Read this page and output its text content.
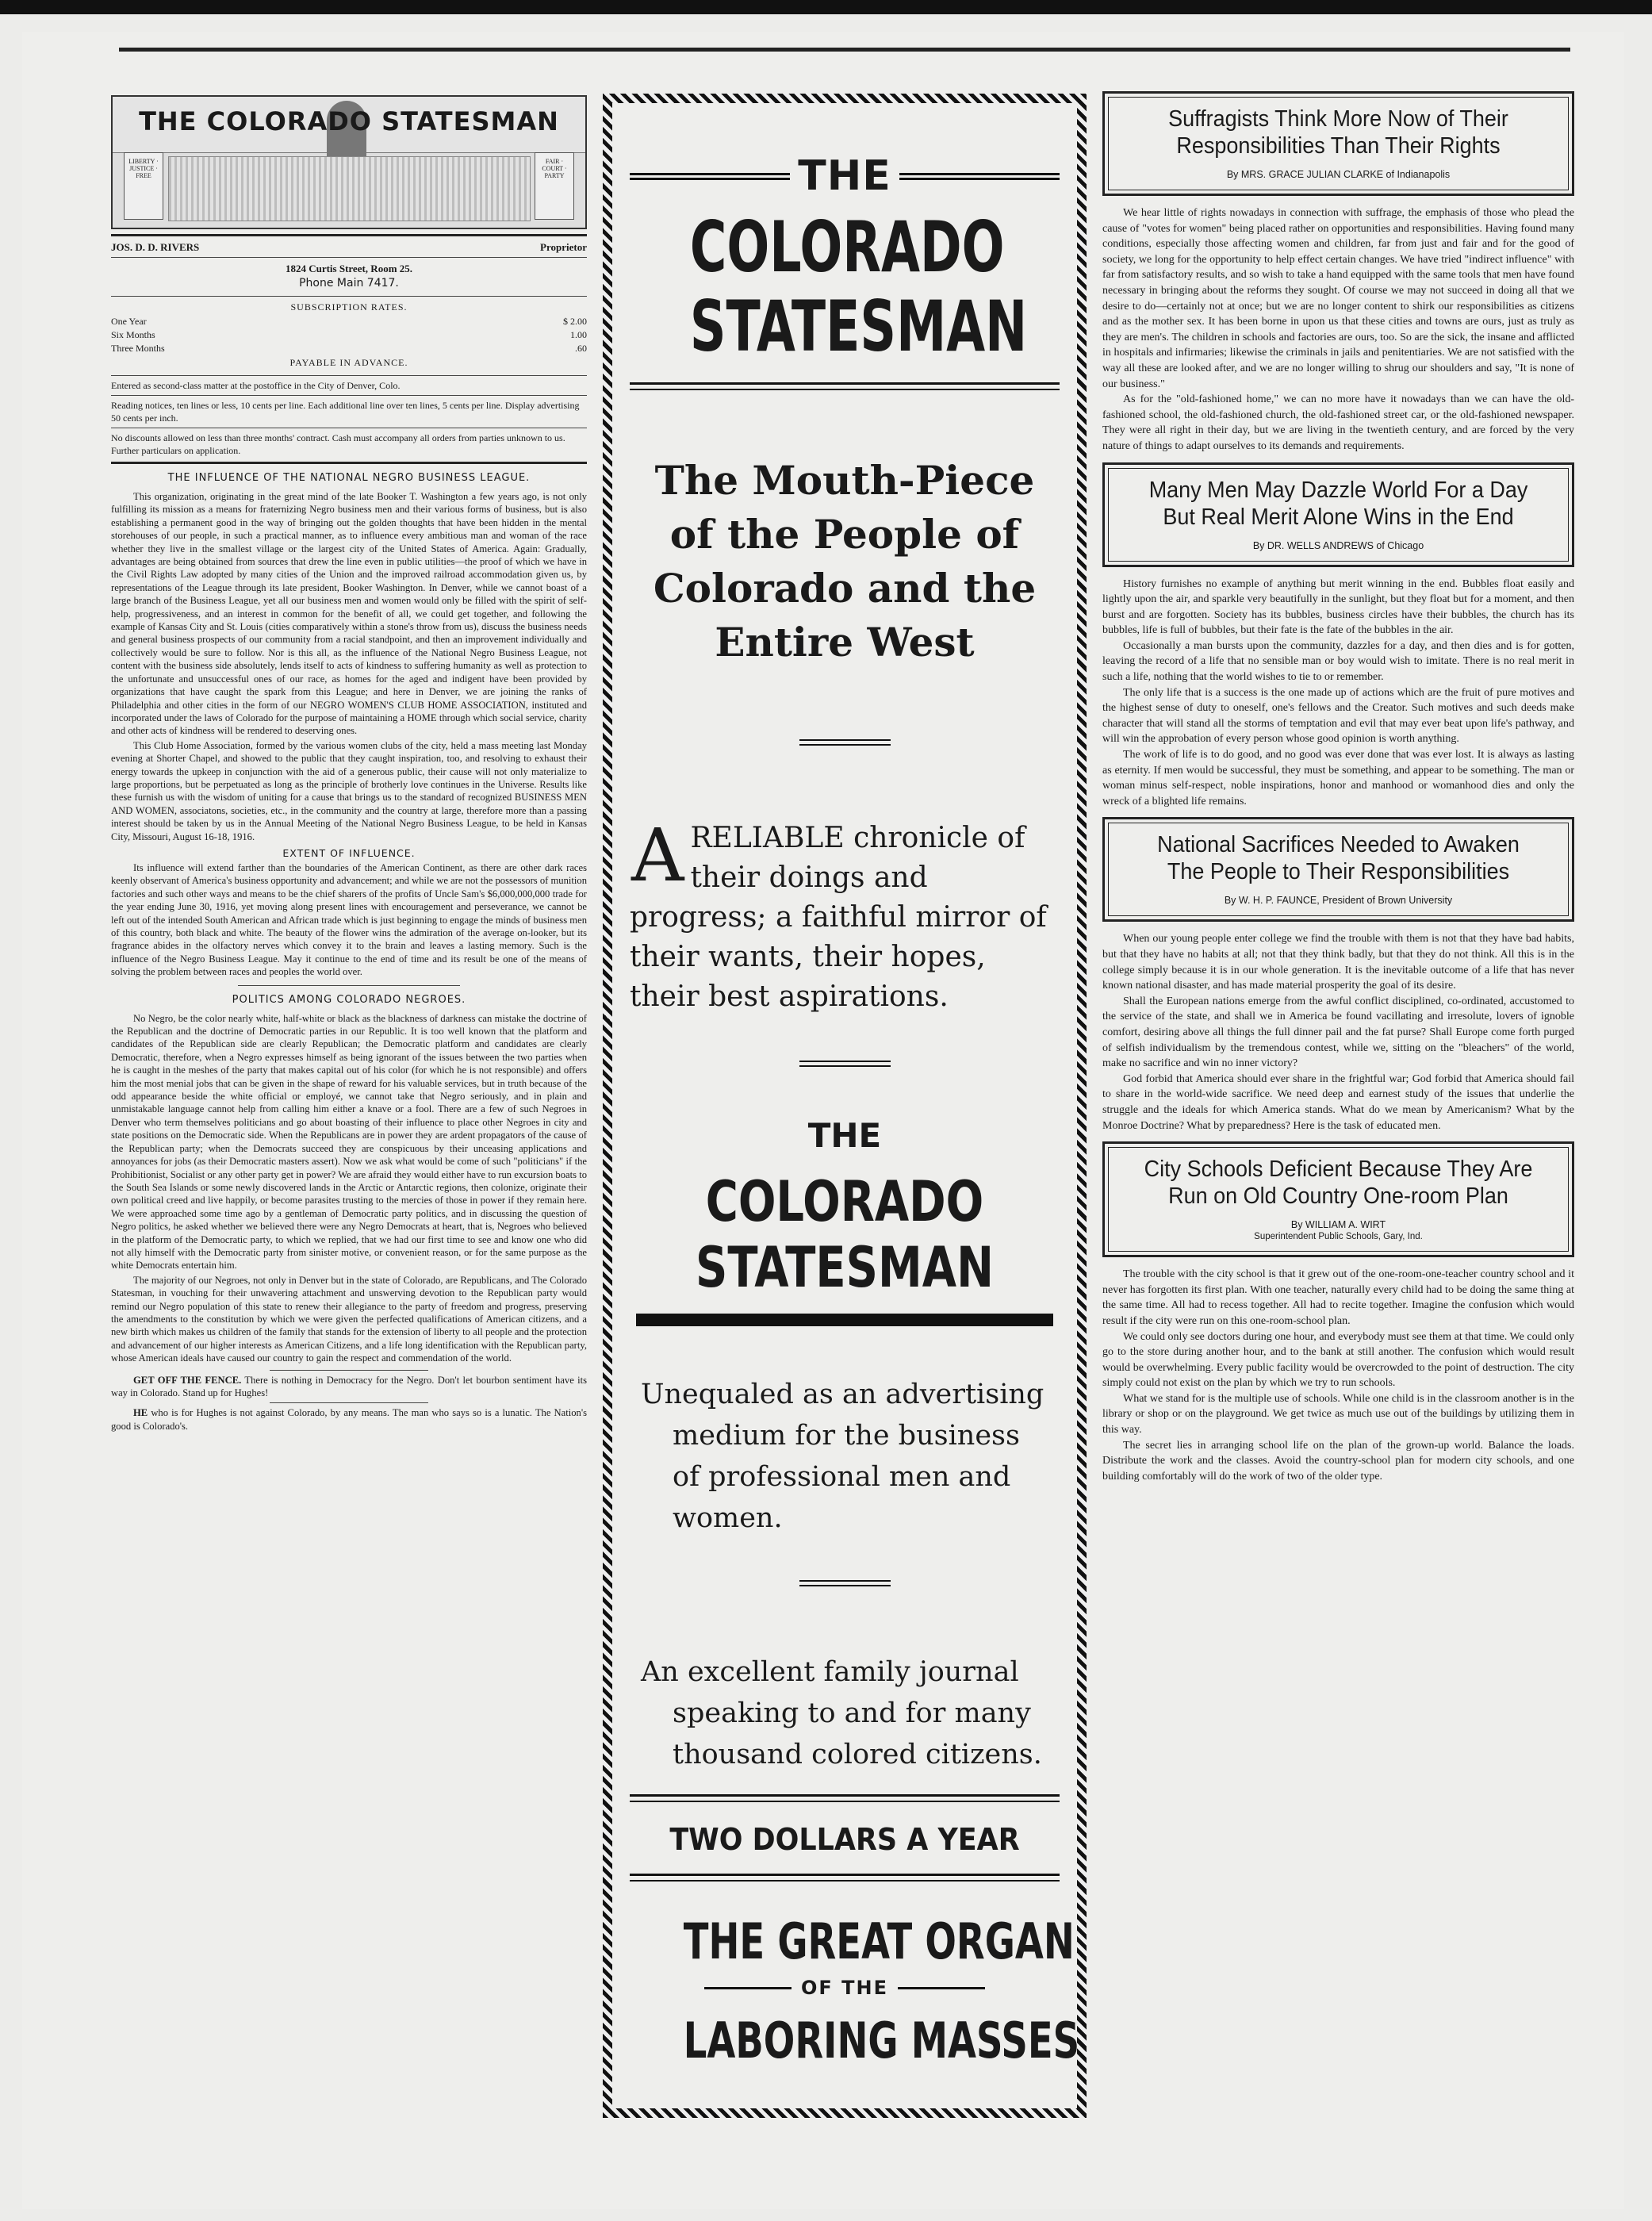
THE COLORADO STATESMAN
LIBERTY · JUSTICE · FREE
FAIR · COURT · PARTY
JOS. D. D. RIVERS	Proprietor
1824 Curtis Street, Room 25.
Phone Main 7417.
SUBSCRIPTION RATES.
One Year	$ 2.00
Six Months	1.00
Three Months	.60
PAYABLE IN ADVANCE.
Entered as second-class matter at the postoffice in the City of Denver, Colo.
Reading notices, ten lines or less, 10 cents per line. Each additional line over ten lines, 5 cents per line. Display advertising 50 cents per inch.
No discounts allowed on less than three months' contract. Cash must accompany all orders from parties unknown to us. Further particulars on application.
THE INFLUENCE OF THE NATIONAL NEGRO BUSINESS LEAGUE.

This organization, originating in the great mind of the late Booker T. Washington a few years ago, is not only fulfilling its mission as a means for fraternizing Negro business men and their various forms of business, but is also establishing a permanent good in the way of bringing out the golden thoughts that have been hidden in the mental storehouses of our people, in such a practical manner, as to influence every ambitious man and woman of the race whether they live in the smallest village or the largest city of the United States of America. Again: Gradually, advantages are being obtained from sources that drew the line even in public utilities—the proof of which we have in the Civil Rights Law adopted by many cities of the Union and the improved railroad accommodation given us, by representations of the League through its late president, Booker Washington. In Denver, while we cannot boast of a large branch of the Business League, yet all our business men and women would only be filled with the spirit of self-help, progressiveness, and an interest in common for the benefit of all, we could get together, and following the example of Kansas City and St. Louis (cities comparatively within a stone's throw from us), discuss the business needs and general business prospects of our community from a racial standpoint, and then an improvement individually and collectively would be sure to follow. Nor is this all, as the influence of the National Negro Business League, not content with the business side absolutely, lends itself to acts of kindness to suffering humanity as well as protection to the unfortunate and unsuccessful ones of our race, as homes for the aged and indigent have been provided by organizations that have caught the spark from this League; and here in Denver, we are joining the ranks of Philadelphia and other cities in the form of our NEGRO WOMEN'S CLUB HOME ASSOCIATION, instituted and incorporated under the laws of Colorado for the purpose of maintaining a HOME through which social service, charity and other acts of kindness will be rendered to deserving ones.

This Club Home Association, formed by the various women clubs of the city, held a mass meeting last Monday evening at Shorter Chapel, and showed to the public that they caught inspiration, too, and resolving to exhaust their energy towards the upkeep in conjunction with the aid of a generous public, their cause will not only materialize to large proportions, but be perpetuated as long as the principle of brotherly love continues in the Universe. Results like these furnish us with the wisdom of uniting for a cause that brings us to the standard of recognized BUSINESS MEN AND WOMEN, associatons, societies, etc., in the community and the country at large, therefore more than a passing interest should be taken by us in the Annual Meeting of the National Negro Business League, to be held in Kansas City, Missouri, August 16-18, 1916.

EXTENT OF INFLUENCE.

Its influence will extend farther than the boundaries of the American Continent, as there are other dark races keenly observant of America's business opportunity and advancement; and while we are not the possessors of munition factories and such other ways and means to be the chief sharers of the profits of Uncle Sam's $6,000,000,000 trade for the year ending June 30, 1916, yet moving along present lines with encouragement and perseverance, we cannot be left out of the intended South American and African trade which is just beginning to engage the minds of business men of this country, both black and white. The beauty of the flower wins the admiration of the average on-looker, but its fragrance abides in the olfactory nerves which convey it to the brain and leaves a lasting memory. Such is the influence of the Negro Business League. May it continue to the end of time and its result be one of the means of solving the problem between races and peoples the world over.

POLITICS AMONG COLORADO NEGROES.

No Negro, be the color nearly white, half-white or black as the blackness of darkness can mistake the doctrine of the Republican and the doctrine of Democratic parties in our Republic. It is too well known that the platform and candidates of the Republican side are clearly Republican; the Democratic platform and candidates are clearly Democratic, therefore, when a Negro expresses himself as being ignorant of the issues between the two parties when he is caught in the meshes of the party that makes capital out of his color (for which he is not responsible) and offers him the most menial jobs that can be given in the shape of reward for his valuable services, but in truth because of the odd appearance beside the white official or employé, we cannot take that Negro seriously, and in plain and unmistakable language cannot help from calling him either a knave or a fool. There are a few of such Negroes in Denver who term themselves politicians and go about boasting of their influence to place other Negroes in city and state positions on the Democratic side. When the Republicans are in power they are ardent propagators of the cause of the Republican party; when the Democrats succeed they are conspicuous by their unceasing applications and annoyances for jobs (as their Democratic masters assert). Now we ask what would be come of such "politicians" if the Prohibitionist, Socialist or any other party get in power? We are afraid they would either have to run excursion boats to the South Sea Islands or some newly discovered lands in the Arctic or Antarctic regions, then colonize, originate their own political creed and live happily, or become parasites trusting to the mercies of those in power if they remain here. We were approached some time ago by a gentleman of Democratic party politics, and in discussing the question of Negro politics, he asked whether we believed there were any Negro Democrats at heart, that is, Negroes who believed in the platform of the Democratic party, to which we replied, that we had our first time to see and know one who did not ally himself with the Democratic party from sinister motive, or convenient reason, or for the same purpose as the white Democrats entertain him.

The majority of our Negroes, not only in Denver but in the state of Colorado, are Republicans, and The Colorado Statesman, in vouching for their unwavering attachment and unswerving devotion to the Republican party would remind our Negro population of this state to renew their allegiance to the party of freedom and progress, preserving the amendments to the constitution by which we were given the perfected qualifications of American citizens, and a new birth which makes us children of the family that stands for the extension of liberty to all people and the protection and advancement of our higher interests as American Citizens, and a life long identification with the Republican party, whose American ideals have caused our country to gain the respect and commendation of the world.

GET OFF THE FENCE. There is nothing in Democracy for the Negro. Don't let bourbon sentiment have its way in Colorado. Stand up for Hughes!

HE who is for Hughes is not against Colorado, by any means. The man who says so is a lunatic. The Nation's good is Colorado's.

THE
COLORADO
STATESMAN
The Mouth-Piece of the People of Colorado and the Entire West
ARELIABLE chronicle of their doings and progress; a faithful mirror of their wants, their hopes, their best aspirations.
THE
COLORADO
STATESMAN
Unequaled as an advertising
medium for the business
of professional men and
women.
An excellent family journal
speaking to and for many
thousand colored citizens.
TWO DOLLARS A YEAR
THE GREAT ORGAN
OF THE
LABORING MASSES
Suffragists Think More Now of Their
Responsibilities Than Their Rights
By MRS. GRACE JULIAN CLARKE of Indianapolis

We hear little of rights nowadays in connection with suffrage, the emphasis of those who plead the cause of "votes for women" being placed rather on opportunities and responsibilities. Having found many conditions, especially those affecting women and children, far from just and fair and for the good of society, we long for the opportunity to help effect certain changes. We have tried "indirect influence" with far from satisfactory results, and so wish to take a hand equipped with the same tools that men have found necessary in bringing about the reforms they sought. Of course we may not succeed in doing all that we desire to do—certainly not at once; but we are no longer content to shirk our responsibilities as citizens and as the mother sex. It has been borne in upon us that these cities and towns are ours, just as truly as they are men's. The children in schools and factories are ours, too. So are the sick, the insane and afflicted in hospitals and infirmaries; likewise the criminals in jails and penitentiaries. We are not satisfied with the way all these are looked after, and we are no longer willing to shrug our shoulders and say, "It is none of our business."

As for the "old-fashioned home," we can no more have it nowadays than we can have the old-fashioned school, the old-fashioned church, the old-fashioned street car, or the old-fashioned newspaper. They were all right in their day, but we are living in the twentieth century, and are forced by the very nature of things to adapt ourselves to its demands and requirements.

Many Men May Dazzle World For a Day
But Real Merit Alone Wins in the End
By DR. WELLS ANDREWS of Chicago

History furnishes no example of anything but merit winning in the end. Bubbles float easily and lightly upon the air, and sparkle very beautifully in the sunlight, but they float but for a moment, and then burst and are forgotten. Society has its bubbles, business circles have their bubbles, the church has its bubbles, life is full of bubbles, but their fate is the fate of the bubbles in the air.

Occasionally a man bursts upon the community, dazzles for a day, and then dies and is for gotten, leaving the record of a life that no sensible man or boy would wish to imitate. There is no real merit in such a life, nothing that the world wishes to tie to or remember.

The only life that is a success is the one made up of actions which are the fruit of pure motives and the highest sense of duty to oneself, one's fellows and the Creator. Such motives and such deeds make character that will stand all the storms of temptation and evil that may ever beat upon life's pathway, and will win the approbation of every person whose good opinion is worth anything.

The work of life is to do good, and no good was ever done that was ever lost. It is always as lasting as eternity. If men would be successful, they must be something, and appear to be something. The man or woman minus self-respect, noble inspirations, honor and manhood or womanhood dies and only the wreck of a blighted life remains.

National Sacrifices Needed to Awaken
The People to Their Responsibilities
By W. H. P. FAUNCE, President of Brown University

When our young people enter college we find the trouble with them is not that they have bad habits, but that they have no habits at all; not that they think badly, but that they do not think. All this is in the college simply because it is in our whole generation. It is the inevitable outcome of a life that has never known national disaster, and has made material prosperity the goal of its desire.

Shall the European nations emerge from the awful conflict disciplined, co-ordinated, accustomed to the service of the state, and shall we in America be found vacillating and irresolute, lovers of ignoble comfort, desiring above all things the full dinner pail and the fat purse? Shall Europe come forth purged of selfish individualism by the tremendous contest, while we, sitting on the "bleachers" of the world, make no sacrifice and win no inner victory?

God forbid that America should ever share in the frightful war; God forbid that America should fail to share in the world-wide sacrifice. We need deep and earnest study of the issues that underlie the struggle and the ideals for which America stands. What do we mean by Americanism? What by the Monroe Doctrine? What by preparedness? Here is the task of educated men.

City Schools Deficient Because They Are
Run on Old Country One-room Plan
By WILLIAM A. WIRT
Superintendent Public Schools, Gary, Ind.

The trouble with the city school is that it grew out of the one-room-one-teacher country school and it never has forgotten its first plan. With one teacher, naturally every child had to be doing the same thing at the same time. All had to recess together. All had to recite together. Imagine the confusion which would result if the city were run on this one-room-school plan.

We could only see doctors during one hour, and everybody must see them at that time. We could only go to the store during another hour, and to the bank at still another. The confusion which would result would be overwhelming. Every public facility would be overcrowded to the point of destruction. The city simply could not exist on the plan by which we try to run schools.

What we stand for is the multiple use of schools. While one child is in the classroom another is in the library or shop or on the playground. We get twice as much use out of the buildings by utilizing them in this way.

The secret lies in arranging school life on the plan of the grown-up world. Balance the loads. Distribute the work and the classes. Avoid the country-school plan for modern city schools, and one building comfortably will do the work of two of the older type.
